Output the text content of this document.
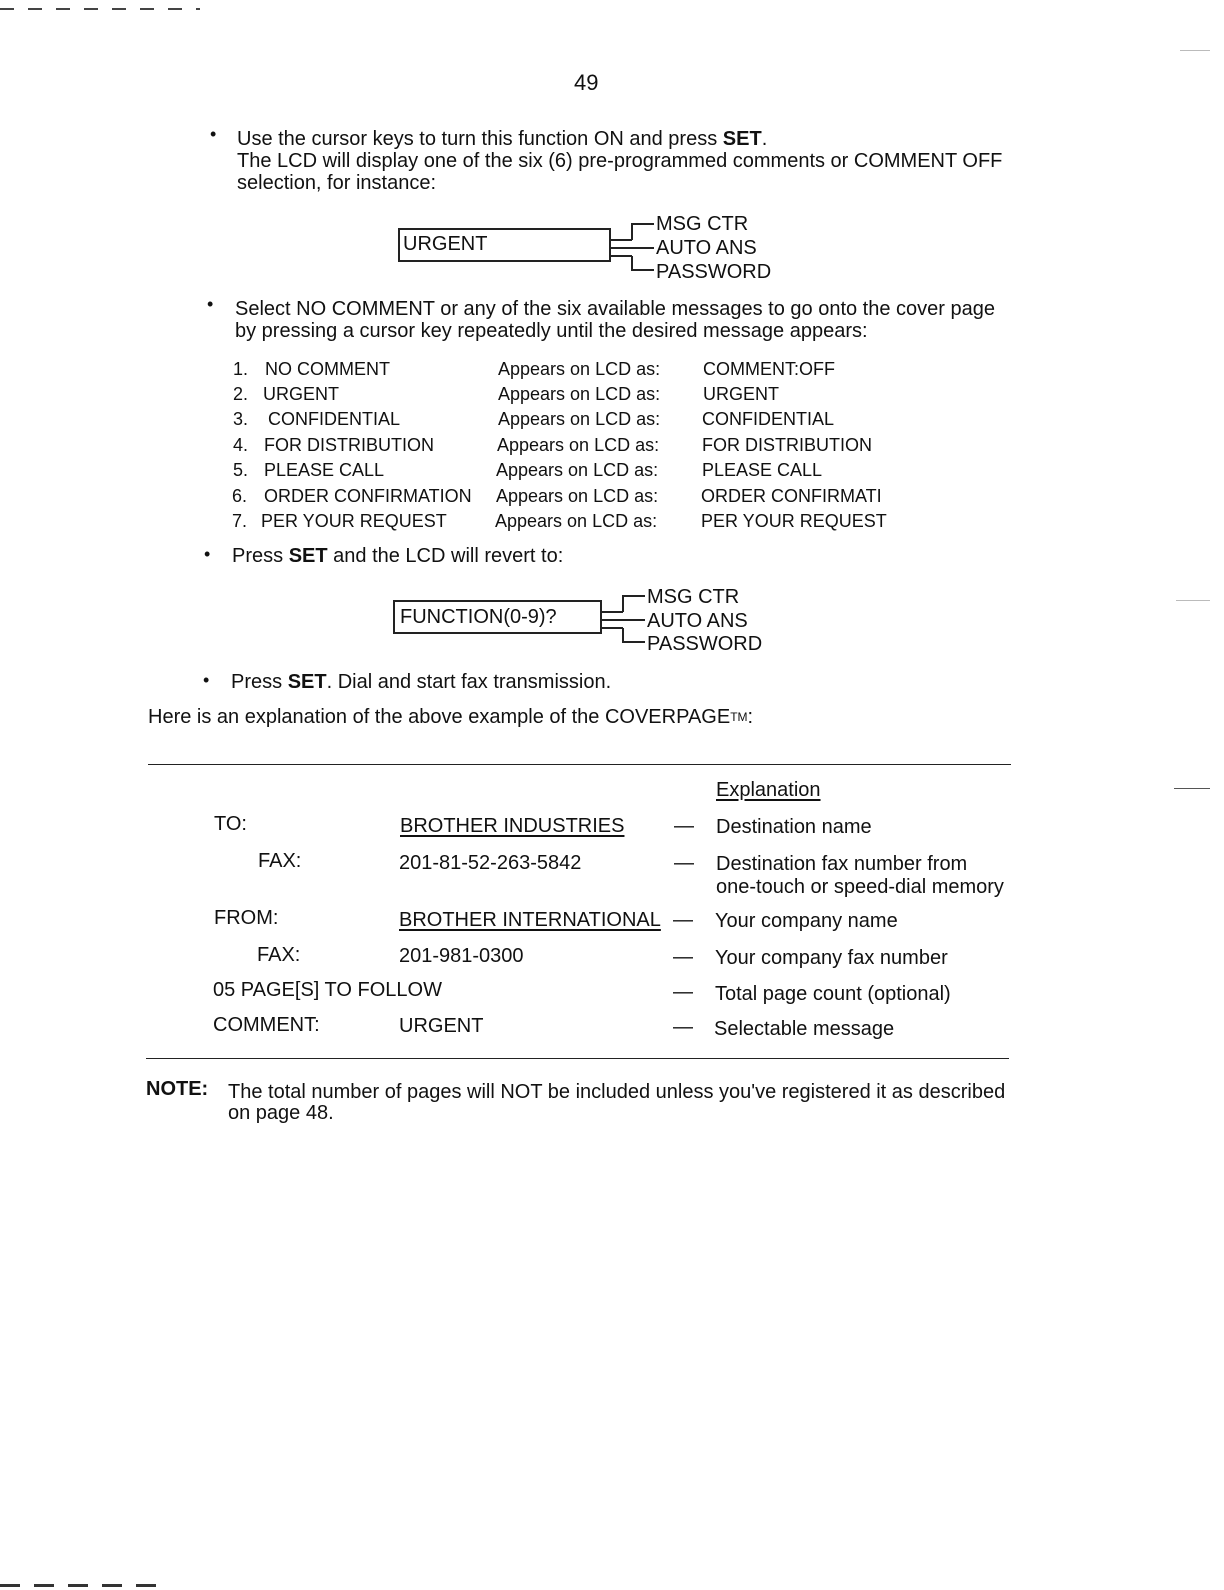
49
• Use the cursor keys to turn this function ON and press SET.
The LCD will display one of the six (6) pre-programmed comments or COMMENT OFF
selection, for instance:
URGENT
MSG CTR
AUTO ANS
PASSWORD
• Select NO COMMENT or any of the six available messages to go onto the cover page
by pressing a cursor key repeatedly until the desired message appears:
1. NO COMMENT	Appears on LCD as: COMMENT:OFF
2. URGENT	Appears on LCD as: URGENT
3. CONFIDENTIAL	Appears on LCD as: CONFIDENTIAL
4. FOR DISTRIBUTION	Appears on LCD as: FOR DISTRIBUTION
5. PLEASE CALL	Appears on LCD as: PLEASE CALL
6. ORDER CONFIRMATION Appears on LCD as: ORDER CONFIRMATI
7. PER YOUR REQUEST	Appears on LCD as: PER YOUR REQUEST
• Press SET and the LCD will revert to:
FUNCTION(0-9)?
MSG CTR
AUTO ANS
PASSWORD
• Press SET. Dial and start fax transmission.
Here is an explanation of the above example of the COVERPAGETM:
Explanation
TO:	BROTHER INDUSTRIES — Destination name
FAX:	201-81-52-263-5842	— Destination fax number from
one-touch or speed-dial memory
FROM:	BROTHER INTERNATIONAL — Your company name
FAX:	201-981-0300	— Your company fax number
05 PAGE[S] TO FOLLOW	— Total page count (optional)
COMMENT:	URGENT	— Selectable message
NOTE: The total number of pages will NOT be included unless you've registered it as described
on page 48.
